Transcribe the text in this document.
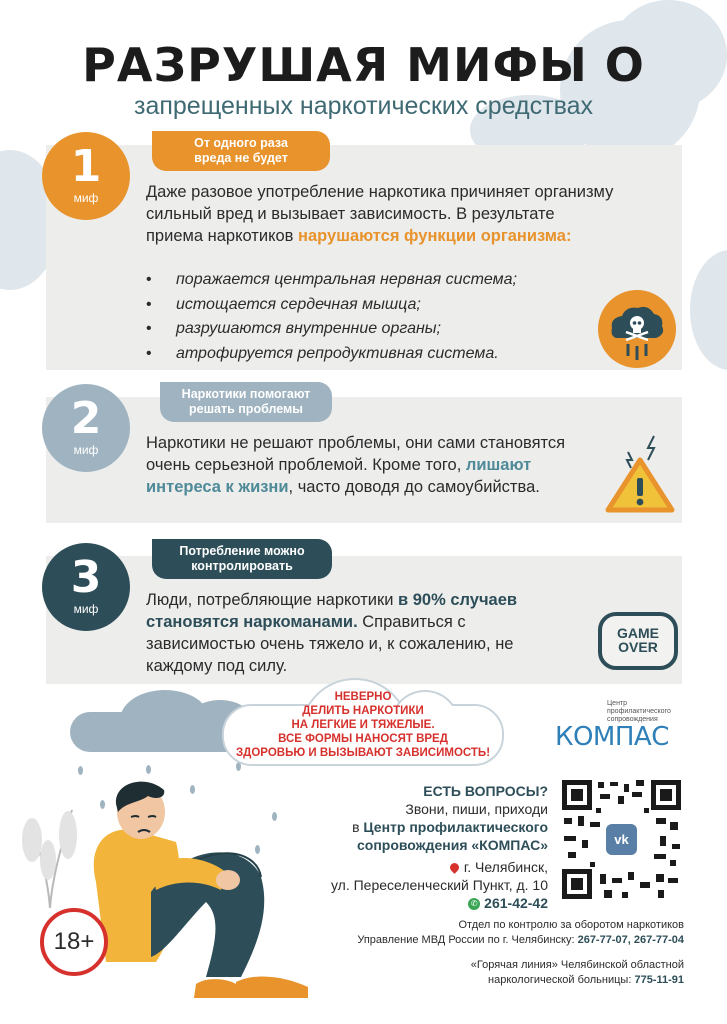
РАЗРУШАЯ МИФЫ О
запрещенных наркотических средствах
1
миф
От одного раза
вреда не будет
Даже разовое употребление наркотика причиняет организму сильный вред и вызывает зависимость. В результате приема наркотиков нарушаются функции организма:
• поражается центральная нервная система;
• истощается сердечная мышца;
• разрушаются внутренние органы;
• атрофируется репродуктивная система.
2
миф
Наркотики помогают
решать проблемы
Наркотики не решают проблемы, они сами становятся очень серьезной проблемой. Кроме того, лишают интереса к жизни, часто доводя до самоубийства.
3
миф
Потребление можно
контролировать
Люди, потребляющие наркотики в 90% случаев становятся наркоманами. Справиться с зависимостью очень тяжело и, к сожалению, не каждому под силу.
GAME
OVER
НЕВЕРНО
ДЕЛИТЬ НАРКОТИКИ
НА ЛЕГКИЕ И ТЯЖЕЛЫЕ.
ВСЕ ФОРМЫ НАНОСЯТ ВРЕД
ЗДОРОВЬЮ И ВЫЗЫВАЮТ ЗАВИСИМОСТЬ!
18+
Центр
профилактического
сопровождения
КОМПАС
ЕСТЬ ВОПРОСЫ?
Звони, пиши, приходи
в Центр профилактического
сопровождения «КОМПАС»
г. Челябинск,
ул. Переселенческий Пункт, д. 10
✆ 261-42-42
vk
Отдел по контролю за оборотом наркотиков
Управление МВД России по г. Челябинску: 267-77-07, 267-77-04
«Горячая линия» Челябинской областной
наркологической больницы: 775-11-91
